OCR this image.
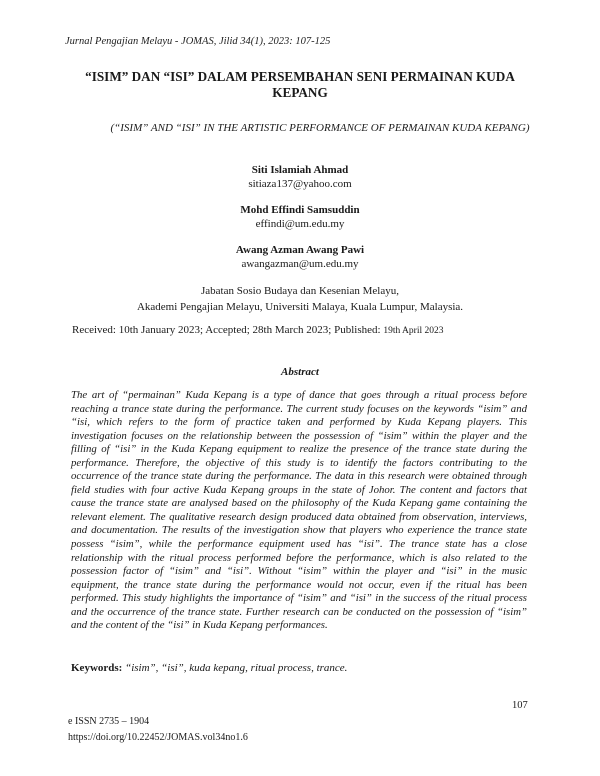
Jurnal Pengajian Melayu - JOMAS, Jilid 34(1), 2023: 107-125
“ISIM” DAN “ISI” DALAM PERSEMBAHAN SENI PERMAINAN KUDA KEPANG
(“ISIM” AND “ISI” IN THE ARTISTIC PERFORMANCE OF PERMAINAN KUDA KEPANG)
Siti Islamiah Ahmad
sitiaza137@yahoo.com
Mohd Effindi Samsuddin
effindi@um.edu.my
Awang Azman Awang Pawi
awangazman@um.edu.my
Jabatan Sosio Budaya dan Kesenian Melayu,
Akademi Pengajian Melayu, Universiti Malaya, Kuala Lumpur, Malaysia.
Received: 10th January 2023; Accepted; 28th March 2023; Published: 19th April 2023
Abstract

The art of “permainan” Kuda Kepang is a type of dance that goes through a ritual process before reaching a trance state during the performance. The current study focuses on the keywords “isim” and “isi, which refers to the form of practice taken and performed by Kuda Kepang players. This investigation focuses on the relationship between the possession of “isim” within the player and the filling of “isi” in the Kuda Kepang equipment to realize the presence of the trance state during the performance. Therefore, the objective of this study is to identify the factors contributing to the occurrence of the trance state during the performance. The data in this research were obtained through field studies with four active Kuda Kepang groups in the state of Johor. The content and factors that cause the trance state are analysed based on the philosophy of the Kuda Kepang game containing the relevant element. The qualitative research design produced data obtained from observation, interviews, and documentation. The results of the investigation show that players who experience the trance state possess “isim”, while the performance equipment used has “isi”. The trance state has a close relationship with the ritual process performed before the performance, which is also related to the possession factor of “isim” and “isi”. Without “isim” within the player and “isi” in the music equipment, the trance state during the performance would not occur, even if the ritual has been performed. This study highlights the importance of “isim” and “isi” in the success of the ritual process and the occurrence of the trance state. Further research can be conducted on the possession of “isim” and the content of the “isi” in Kuda Kepang performances.

Keywords: “isim”, “isi”, kuda kepang, ritual process, trance.
107
e ISSN 2735 – 1904
https://doi.org/10.22452/JOMAS.vol34no1.6
